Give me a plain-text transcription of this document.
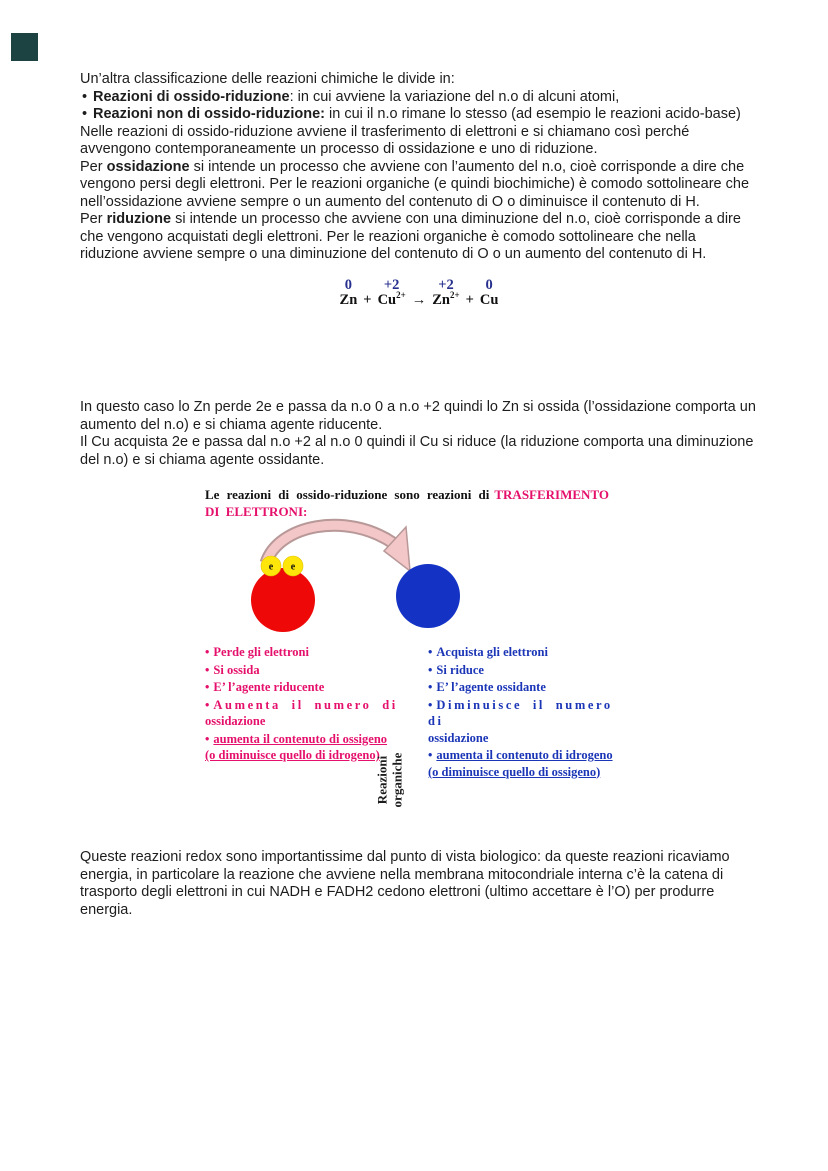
Un’altra classificazione delle reazioni chimiche le divide in:

• Reazioni di ossido-riduzione: in cui avviene la variazione del n.o di alcuni atomi,
• Reazioni non di ossido-riduzione: in cui il n.o rimane lo stesso (ad esempio le reazioni acido-base)

Nelle reazioni di ossido-riduzione avviene il trasferimento di elettroni e si chiamano così perché avvengono contemporaneamente un processo di ossidazione e uno di riduzione.

Per ossidazione si intende un processo che avviene con l’aumento del n.o, cioè corrisponde a dire che vengono persi degli elettroni. Per le reazioni organiche (e quindi biochimiche) è comodo sottolineare che nell’ossidazione avviene sempre o un aumento del contenuto di O o diminuisce il contenuto di H.

Per riduzione si intende un processo che avviene con una diminuzione del n.o, cioè corrisponde a dire che vengono acquistati degli elettroni. Per le reazioni organiche è comodo sottolineare che nella riduzione avviene sempre o una diminuzione del contenuto di O o un aumento del contenuto di H.

0
Zn +
+2
$Cu^{2+}$ →
+2
$Zn^{2+}$ +
0
Cu

In questo caso lo Zn perde 2e e passa da n.o 0 a n.o +2 quindi lo Zn si ossida (l’ossidazione comporta un aumento del n.o) e si chiama agente riducente.

Il Cu acquista 2e e passa dal n.o +2 al n.o 0 quindi il Cu si riduce (la riduzione comporta una diminuzione del n.o) e si chiama agente ossidante.

Le reazioni di ossido-riduzione sono reazioni di TRASFERIMENTO DI ELETTRONI:
e e
• Perde gli elettroni
• Si ossida
• E’ l’agente riducente
• Aumenta il numero di
ossidazione
• aumenta il contenuto di ossigeno
(o diminuisce quello di idrogeno)
• Acquista gli elettroni
• Si riduce
• E’ l’agente ossidante
• Diminuisce il numero di
ossidazione
• aumenta il contenuto di idrogeno
(o diminuisce quello di ossigeno)
Reazioni organiche

Queste reazioni redox sono importantissime dal punto di vista biologico: da queste reazioni ricaviamo energia, in particolare la reazione che avviene nella membrana mitocondriale interna c’è la catena di trasporto degli elettroni in cui NADH e FADH2 cedono elettroni (ultimo accettare è l’O) per produrre energia.
